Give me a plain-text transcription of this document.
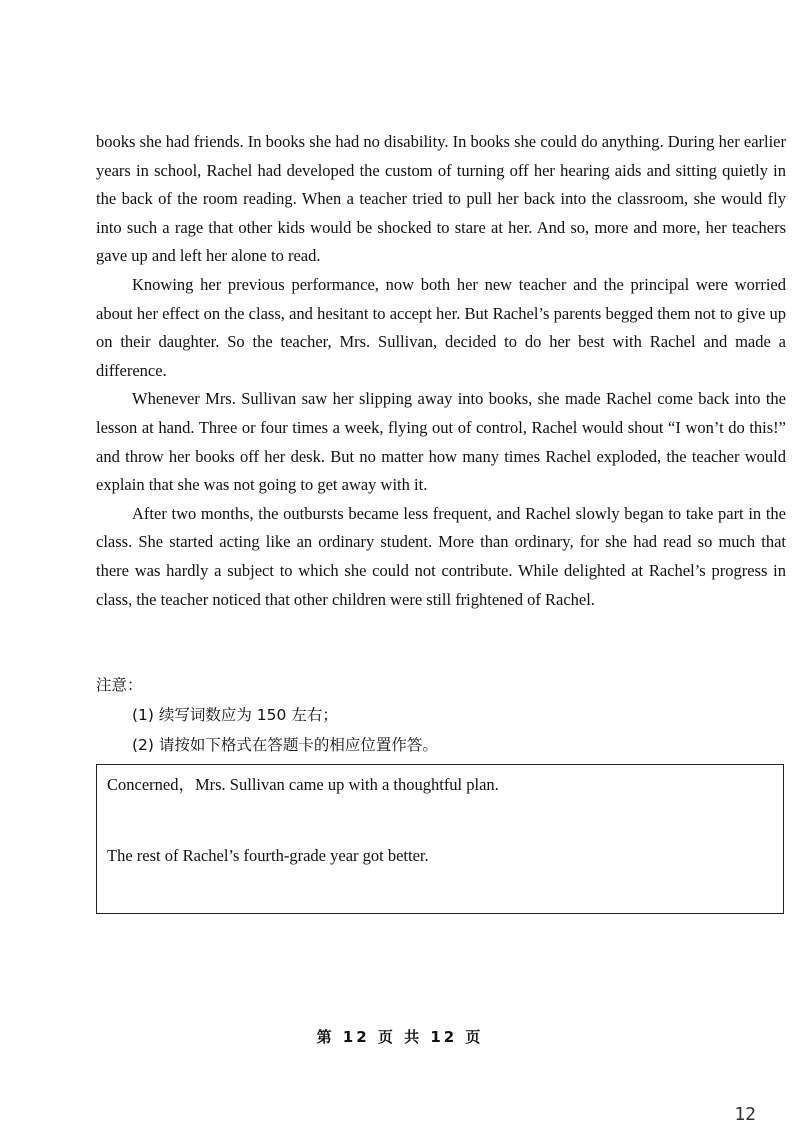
books she had friends. In books she had no disability. In books she could do anything. During her earlier years in school, Rachel had developed the custom of turning off her hearing aids and sitting quietly in the back of the room reading. When a teacher tried to pull her back into the classroom, she would fly into such a rage that other kids would be shocked to stare at her. And so, more and more, her teachers gave up and left her alone to read.

Knowing her previous performance, now both her new teacher and the principal were worried about her effect on the class, and hesitant to accept her. But Rachel’s parents begged them not to give up on their daughter. So the teacher, Mrs. Sullivan, decided to do her best with Rachel and made a difference.

Whenever Mrs. Sullivan saw her slipping away into books, she made Rachel come back into the lesson at hand. Three or four times a week, flying out of control, Rachel would shout “I won’t do this!” and throw her books off her desk. But no matter how many times Rachel exploded, the teacher would explain that she was not going to get away with it.

After two months, the outbursts became less frequent, and Rachel slowly began to take part in the class. She started acting like an ordinary student. More than ordinary, for she had read so much that there was hardly a subject to which she could not contribute. While delighted at Rachel’s progress in class, the teacher noticed that other children were still frightened of Rachel.

注意：
(1) 续写词数应为 150 左右；
(2) 请按如下格式在答题卡的相应位置作答。
Concerned，Mrs. Sullivan came up with a thoughtful plan.
The rest of Rachel’s fourth-grade year got better.
第 12 页 共 12 页
12
